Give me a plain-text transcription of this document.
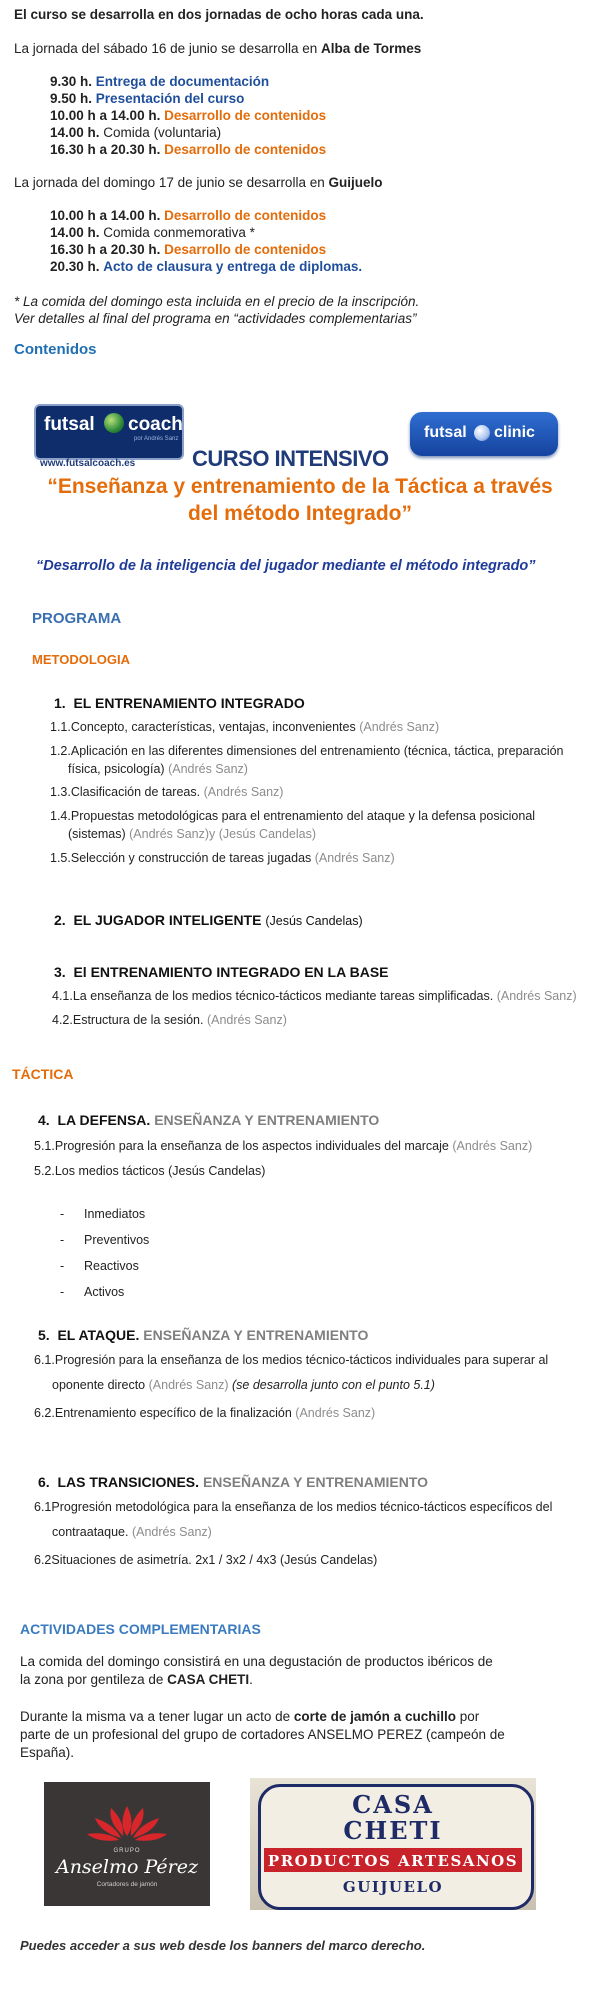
El curso se desarrolla en dos jornadas de ocho horas cada una.
La jornada del sábado 16 de junio se desarrolla en Alba de Tormes
9.30 h. Entrega de documentación
9.50 h. Presentación del curso
10.00 h a 14.00 h. Desarrollo de contenidos
14.00 h. Comida (voluntaria)
16.30 h a 20.30 h. Desarrollo de contenidos
La jornada del domingo 17 de junio se desarrolla en Guijuelo
10.00 h a 14.00 h. Desarrollo de contenidos
14.00 h. Comida conmemorativa *
16.30 h a 20.30 h. Desarrollo de contenidos
20.30 h. Acto de clausura y entrega de diplomas.
* La comida del domingo esta incluida en el precio de la inscripción.
Ver detalles al final del programa en “actividades complementarias”
Contenidos
futsal coach
por Andrés Sanz
www.futsalcoach.es
futsal clinic
CURSO INTENSIVO
“Enseñanza y entrenamiento de la Táctica a través
del método Integrado”
“Desarrollo de la inteligencia del jugador mediante el método integrado”
PROGRAMA
METODOLOGIA
1. EL ENTRENAMIENTO INTEGRADO
1.1.Concepto, características, ventajas, inconvenientes (Andrés Sanz)
1.2.Aplicación en las diferentes dimensiones del entrenamiento (técnica, táctica, preparación
física, psicología) (Andrés Sanz)
1.3.Clasificación de tareas. (Andrés Sanz)
1.4.Propuestas metodológicas para el entrenamiento del ataque y la defensa posicional
(sistemas) (Andrés Sanz)y (Jesús Candelas)
1.5.Selección y construcción de tareas jugadas (Andrés Sanz)
2. EL JUGADOR INTELIGENTE (Jesús Candelas)
3. El ENTRENAMIENTO INTEGRADO EN LA BASE
4.1.La enseñanza de los medios técnico-tácticos mediante tareas simplificadas. (Andrés Sanz)
4.2.Estructura de la sesión. (Andrés Sanz)
TÁCTICA
4. LA DEFENSA. ENSEÑANZA Y ENTRENAMIENTO
5.1.Progresión para la enseñanza de los aspectos individuales del marcaje (Andrés Sanz)
5.2.Los medios tácticos (Jesús Candelas)
- Inmediatos
- Preventivos
- Reactivos
- Activos
5. EL ATAQUE. ENSEÑANZA Y ENTRENAMIENTO
6.1.Progresión para la enseñanza de los medios técnico-tácticos individuales para superar al
oponente directo (Andrés Sanz) (se desarrolla junto con el punto 5.1)
6.2.Entrenamiento específico de la finalización (Andrés Sanz)
6. LAS TRANSICIONES. ENSEÑANZA Y ENTRENAMIENTO
6.1Progresión metodológica para la enseñanza de los medios técnico-tácticos específicos del
contraataque. (Andrés Sanz)
6.2Situaciones de asimetría. 2x1 / 3x2 / 4x3 (Jesús Candelas)
ACTIVIDADES COMPLEMENTARIAS
La comida del domingo consistirá en una degustación de productos ibéricos de
la zona por gentileza de CASA CHETI.
Durante la misma va a tener lugar un acto de corte de jamón a cuchillo por
parte de un profesional del grupo de cortadores ANSELMO PEREZ (campeón de
España).
GRUPO
Anselmo Pérez
Cortadores de jamón
CASA
CHETI
PRODUCTOS ARTESANOS
GUIJUELO
Puedes acceder a sus web desde los banners del marco derecho.
